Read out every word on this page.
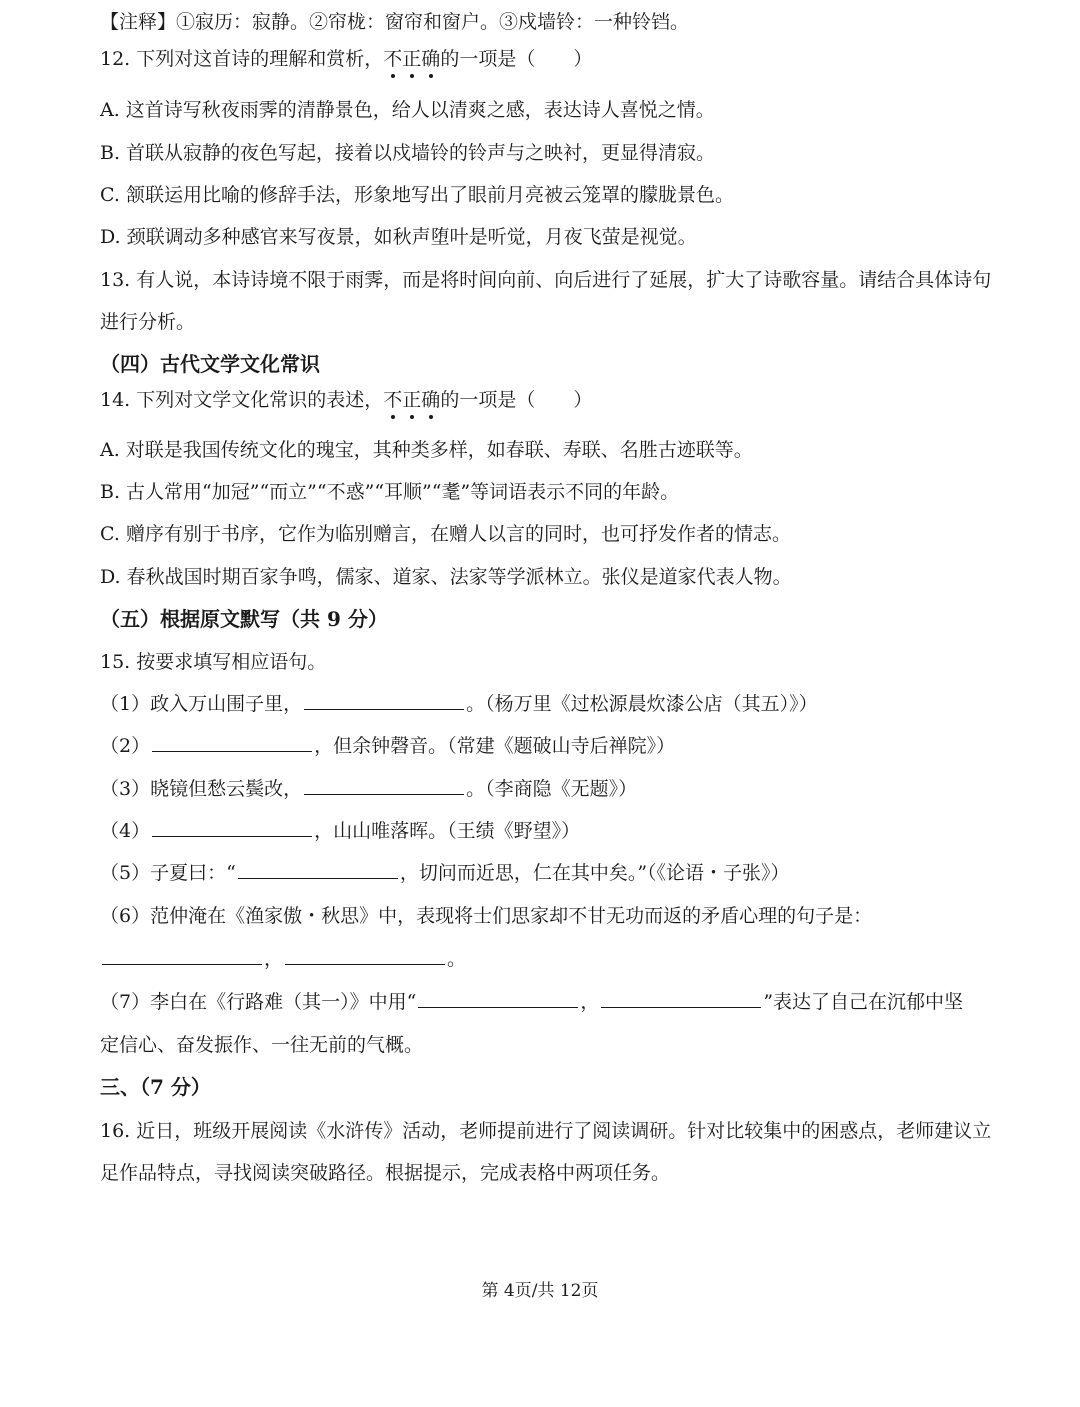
【注释】①寂历：寂静。②帘栊：窗帘和窗户。③戍墙铃：一种铃铛。
12. 下列对这首诗的理解和赏析，不正确的一项是（　　）
A. 这首诗写秋夜雨霁的清静景色，给人以清爽之感，表达诗人喜悦之情。
B. 首联从寂静的夜色写起，接着以戍墙铃的铃声与之映衬，更显得清寂。
C. 颔联运用比喻的修辞手法，形象地写出了眼前月亮被云笼罩的朦胧景色。
D. 颈联调动多种感官来写夜景，如秋声堕叶是听觉，月夜飞萤是视觉。
13. 有人说，本诗诗境不限于雨霁，而是将时间向前、向后进行了延展，扩大了诗歌容量。请结合具体诗句
进行分析。
（四）古代文学文化常识
14. 下列对文学文化常识的表述，不正确的一项是（　　）
A. 对联是我国传统文化的瑰宝，其种类多样，如春联、寿联、名胜古迹联等。
B. 古人常用“加冠”“而立”“不惑”“耳顺”“耄”等词语表示不同的年龄。
C. 赠序有别于书序，它作为临别赠言，在赠人以言的同时，也可抒发作者的情志。
D. 春秋战国时期百家争鸣，儒家、道家、法家等学派林立。张仪是道家代表人物。
（五）根据原文默写（共 9 分）
15. 按要求填写相应语句。
（1）政入万山围子里，	。（杨万里《过松源晨炊漆公店（其五）》）
（2）	，但余钟磬音。（常建《题破山寺后禅院》）
（3）晓镜但愁云鬓改，	。（李商隐《无题》）
（4）	，山山唯落晖。（王绩《野望》）
（5）子夏曰：“	，切问而近思，仁在其中矣。”（《论语・子张》）
（6）范仲淹在《渔家傲・秋思》中，表现将士们思家却不甘无功而返的矛盾心理的句子是：
，	。
（7）李白在《行路难（其一）》中用“	，	”表达了自己在沉郁中坚
定信心、奋发振作、一往无前的气概。
三、（7 分）
16. 近日，班级开展阅读《水浒传》活动，老师提前进行了阅读调研。针对比较集中的困惑点，老师建议立
足作品特点，寻找阅读突破路径。根据提示，完成表格中两项任务。
第 4页/共 12页
